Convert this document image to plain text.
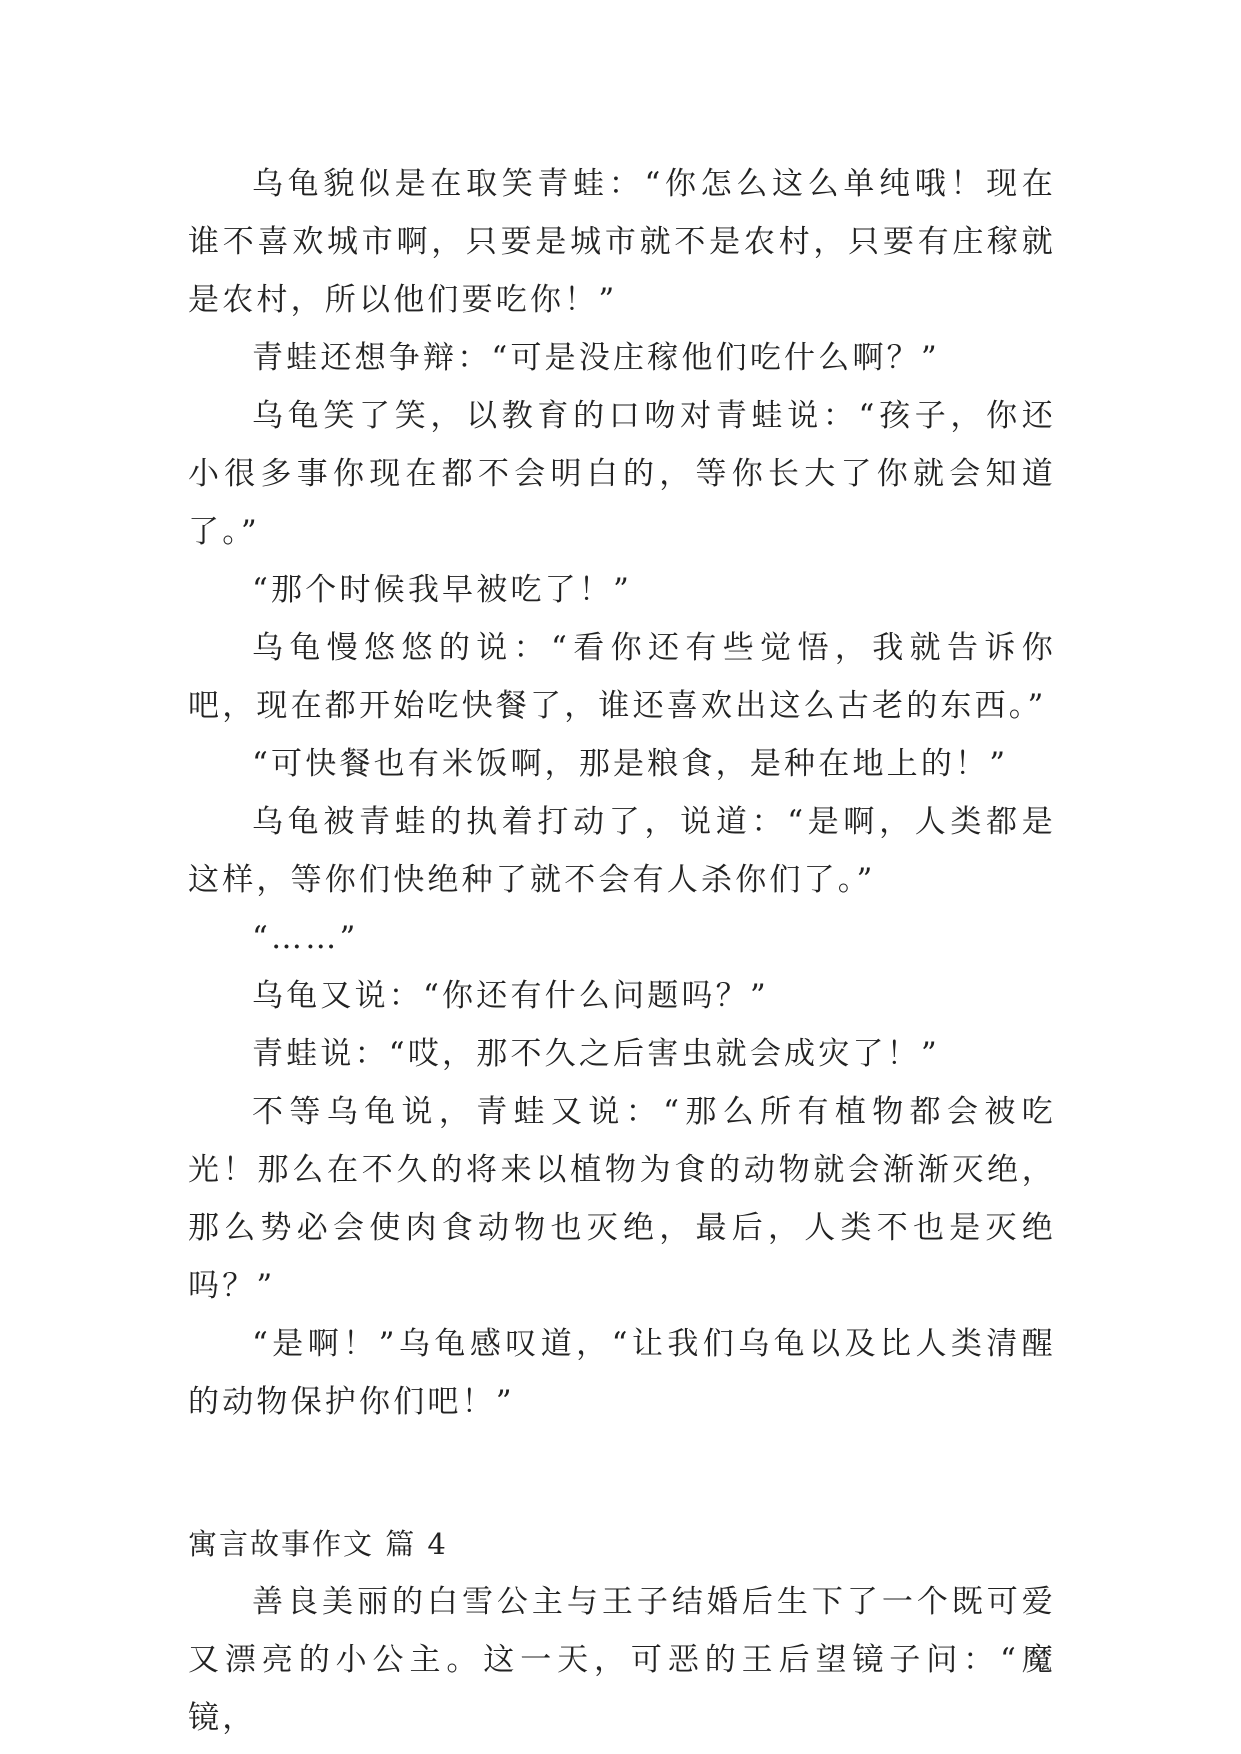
乌龟貌似是在取笑青蛙：“你怎么这么单纯哦！现在谁不喜欢城市啊，只要是城市就不是农村，只要有庄稼就是农村，所以他们要吃你！”

青蛙还想争辩：“可是没庄稼他们吃什么啊？”

乌龟笑了笑，以教育的口吻对青蛙说：“孩子，你还小很多事你现在都不会明白的，等你长大了你就会知道了。”

“那个时候我早被吃了！”

乌龟慢悠悠的说：“看你还有些觉悟，我就告诉你吧，现在都开始吃快餐了，谁还喜欢出这么古老的东西。”

“可快餐也有米饭啊，那是粮食，是种在地上的！”

乌龟被青蛙的执着打动了，说道：“是啊，人类都是这样，等你们快绝种了就不会有人杀你们了。”

“……”

乌龟又说：“你还有什么问题吗？”

青蛙说：“哎，那不久之后害虫就会成灾了！”

不等乌龟说，青蛙又说：“那么所有植物都会被吃光！那么在不久的将来以植物为食的动物就会渐渐灭绝，那么势必会使肉食动物也灭绝，最后，人类不也是灭绝吗？”

“是啊！”乌龟感叹道，“让我们乌龟以及比人类清醒的动物保护你们吧！”

寓言故事作文 篇 4

善良美丽的白雪公主与王子结婚后生下了一个既可爱又漂亮的小公主。这一天，可恶的王后望镜子问：“魔镜，
